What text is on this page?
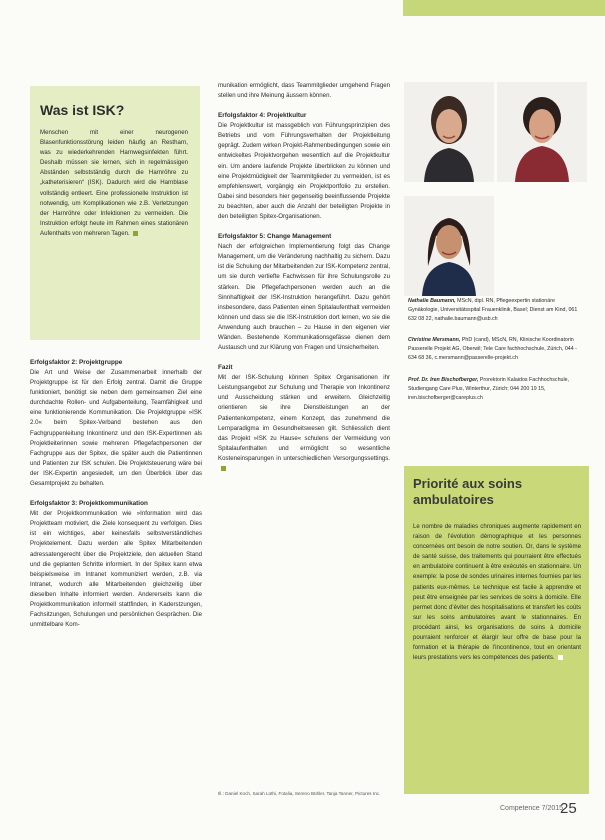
Was ist ISK?
Menschen mit einer neurogenen Blasenfunktionsstörung leiden häufig an Restharn, was zu wiederkehrenden Harnwegsinfekten führt. Deshalb müssen sie lernen, sich in regelmässigen Abständen selbstständig durch die Harnröhre zu „katheterisieren“ (ISK). Dadurch wird die Harnblase vollständig entleert. Eine professionelle Instruktion ist notwendig, um Komplikationen wie z.B. Verletzungen der Harnröhre oder Infektionen zu vermeiden. Die Instruktion erfolgt heute im Rahmen eines stationären Aufenthalts von mehreren Tagen.
Erfolgsfaktor 2: Projektgruppe

Die Art und Weise der Zusammenarbeit innerhalb der Projektgruppe ist für den Erfolg zentral. Damit die Gruppe funktioniert, benötigt sie neben dem gemeinsamen Ziel eine durchdachte Rollen- und Aufgabenteilung, Teamfähigkeit und eine funktionierende Kommunikation. Die Projektgruppe »ISK 2.0« beim Spitex-Verband bestehen aus den Fachgruppenleitung Inkontinenz und den ISK-Expertinnen als Projektleiterinnen sowie mehreren Pflegefachpersonen der Fachgruppe aus der Spitex, die später auch die Patientinnen und Patienten zur ISK schulen. Die Projektsteuerung wäre bei der ISK-Expertin angesiedelt, um den Überblick über das Gesamtprojekt zu behalten.

Erfolgsfaktor 3: Projektkommunikation

Mit der Projektkommunikation wie »Information wird das Projektteam motiviert, die Ziele konsequent zu verfolgen. Dies ist ein wichtiges, aber keinesfalls selbstverständliches Projektelement. Dazu werden alle Spitex Mitarbeitenden adressatengerecht über die Projektziele, den aktuellen Stand und die geplanten Schritte informiert. In der Spitex kann etwa beispielsweise im Intranet kommuniziert werden, z.B. via Intranet, wodurch alle Mitarbeitenden gleichzeitig über dieselben Inhalte informiert werden. Andererseits kann die Projektkommunikation informell stattfinden, in Kaderstzungen, Fachsitzungen, Schulungen und persönlichen Gesprächen. Die unmittelbare Kom-

munikation ermöglicht, dass Teammitglieder umgehend Fragen stellen und ihre Meinung äussern können.

Erfolgsfaktor 4: Projektkultur

Die Projektkultur ist massgeblich von Führungsprinzipien des Betriebs und vom Führungsverhalten der Projektleitung geprägt. Zudem wirken Projekt-Rahmenbedingungen sowie ein entwickeltes Projektvorgehen wesentlich auf die Projektkultur ein. Um andere laufende Projekte überblicken zu können und eine Projektmüdigkeit der Teammitglieder zu vermeiden, ist es empfehlenswert, vorgängig ein Projektportfolio zu erstellen. Dabei sind besonders hier gegenseitig beeinflussende Projekte zu beachten, aber auch die Anzahl der beteiligten Projekte in den beteiligten Spitex-Organisationen.

Erfolgsfaktor 5: Change Management

Nach der erfolgreichen Implementierung folgt das Change Management, um die Veränderung nachhaltig zu sichern. Dazu ist die Schulung der Mitarbeitenden zur ISK-Kompetenz zentral, um sie durch vertiefte Fachwissen für ihre Schulungsrolle zu stärken. Die Pflegefachpersonen werden auch an die Sinnhaftigkeit der ISK-Instruktion herangeführt. Dazu gehört insbesondere, dass Patienten einen Spitalaufenthalt vermeiden können und dass sie die ISK-Instruktion dort lernen, wo sie die Anwendung auch brauchen – zu Hause in den eigenen vier Wänden. Bestehende Kommunikationsgefässe dienen dem Austausch und zur Klärung von Fragen und Unsicherheiten.

Fazit

Mit der ISK-Schulung können Spitex Organisationen ihr Leistungsangebot zur Schulung und Therapie von Inkontinenz und Ausscheidung stärken und erweitern. Gleichzeitig orientieren sie ihre Dienstleistungen an der Patientenkompetenz, einem Konzept, das zunehmend die Lernparadigma im Gesundheitswesen gilt. Schliesslich dient das Projekt »ISK zu Hause« schulens der Vermeidung von Spitalaufenthalten und ermöglicht so wesentliche Kosteneinsparungen in unterschiedlichen Versorgungssettings.

Ill.: Daniel Koch, Sarah Lüthi, Fotalia, Sereno Bühler, Tanja Tanner, Pictures Inc.

Nathalie Baumann, MScN, dipl. RN, Pflegeexpertin stationäre Gynäkologie, Universitätsspital Frauenklinik, Basel; Dienst am Kind, 061 632 08 22, nathalie.baumann@usb.ch

Christine Mersmann, PhD (cand), MScN, RN, Klinische Koordinatorin Passerelle Projekt AG, Oberwil; Tele Care fachhochschule, Zürich, 044 - 634 68 36, c.mersmann@passerelle-projekt.ch

Prof. Dr. Iren Bischofberger, Prorektorin Kalaidos Fachhochschule, Studiengang Care Plus, Winterthur, Zürich; 044 200 19 15, iren.bischofberger@careplus.ch

Priorité aux soins ambulatoires
Le nombre de maladies chroniques augmente rapidement en raison de l’évolution démographique et les personnes concernées ont besoin de notre soutien. Or, dans le système de santé suisse, des traitements qui pourraient être effectués en ambulatoire continuent à être exécutés en stationnaire. Un exemple: la pose de sondes urinaires internes fournies par les patients eux-mêmes. Le technique est facile à apprendre et peut être enseignée par les services de soins à domicile. Elle permet donc d’éviter des hospitalisations et transfert les coûts sur les soins ambulatoires avant le stationnaires. En procédant ainsi, les organisations de soins à domicile pourraient renforcer et élargir leur offre de base pour la formation et la thérapie de l’incontinence, tout en orientant leurs prestations vers les compétences des patients.
Competence 7/2015
25
